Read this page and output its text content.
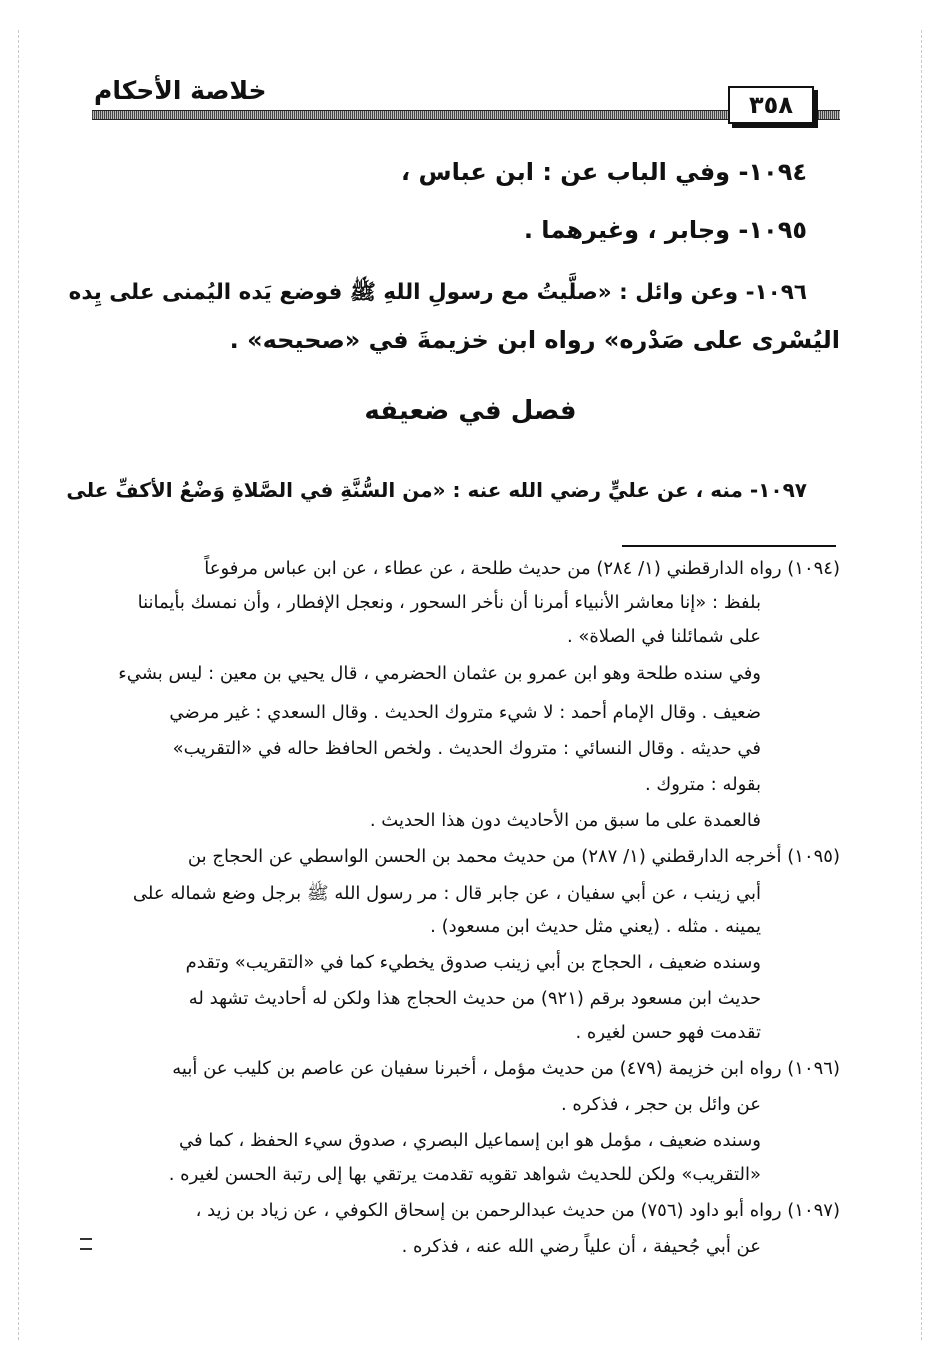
خلاصة الأحكام	٣٥٨
١٠٩٤- وفي الباب عن : ابن عباس ،
١٠٩٥- وجابر ، وغيرهما .
١٠٩٦- وعن وائل : «صلَّيتُ مع رسولِ اللهِ ﷺ فوضع يَده اليُمنى على يِده
اليُسْرى على صَدْره» رواه ابن خزيمةَ في «صحيحه» .
فصل في ضعيفه
١٠٩٧- منه ، عن عليٍّ رضي الله عنه : «من السُّنَّةِ في الصَّلاةِ وَضْعُ الأكفِّ على
(١٠٩٤) رواه الدارقطني (١/ ٢٨٤) من حديث طلحة ، عن عطاء ، عن ابن عباس مرفوعاً
بلفظ : «إنا معاشر الأنبياء أمرنا أن نأخر السحور ، ونعجل الإفطار ، وأن نمسك بأيماننا
على شمائلنا في الصلاة» .
وفي سنده طلحة وهو ابن عمرو بن عثمان الحضرمي ، قال يحيي بن معين : ليس بشيء
ضعيف . وقال الإمام أحمد : لا شيء متروك الحديث . وقال السعدي : غير مرضي
في حديثه . وقال النسائي : متروك الحديث . ولخص الحافظ حاله في «التقريب»
بقوله : متروك .
فالعمدة على ما سبق من الأحاديث دون هذا الحديث .
(١٠٩٥) أخرجه الدارقطني (١/ ٢٨٧) من حديث محمد بن الحسن الواسطي عن الحجاج بن
أبي زينب ، عن أبي سفيان ، عن جابر قال : مر رسول الله ﷺ برجل وضع شماله على
يمينه . مثله . (يعني مثل حديث ابن مسعود) .
وسنده ضعيف ، الحجاج بن أبي زينب صدوق يخطيء كما في «التقريب» وتقدم
حديث ابن مسعود برقم (٩٢١) من حديث الحجاج هذا ولكن له أحاديث تشهد له
تقدمت فهو حسن لغيره .
(١٠٩٦) رواه ابن خزيمة (٤٧٩) من حديث مؤمل ، أخبرنا سفيان عن عاصم بن كليب عن أبيه
عن وائل بن حجر ، فذكره .
وسنده ضعيف ، مؤمل هو ابن إسماعيل البصري ، صدوق سيء الحفظ ، كما في
«التقريب» ولكن للحديث شواهد تقويه تقدمت يرتقي بها إلى رتبة الحسن لغيره .
(١٠٩٧) رواه أبو داود (٧٥٦) من حديث عبدالرحمن بن إسحاق الكوفي ، عن زياد بن زيد ،
عن أبي جُحيفة ، أن علياً رضي الله عنه ، فذكره .
